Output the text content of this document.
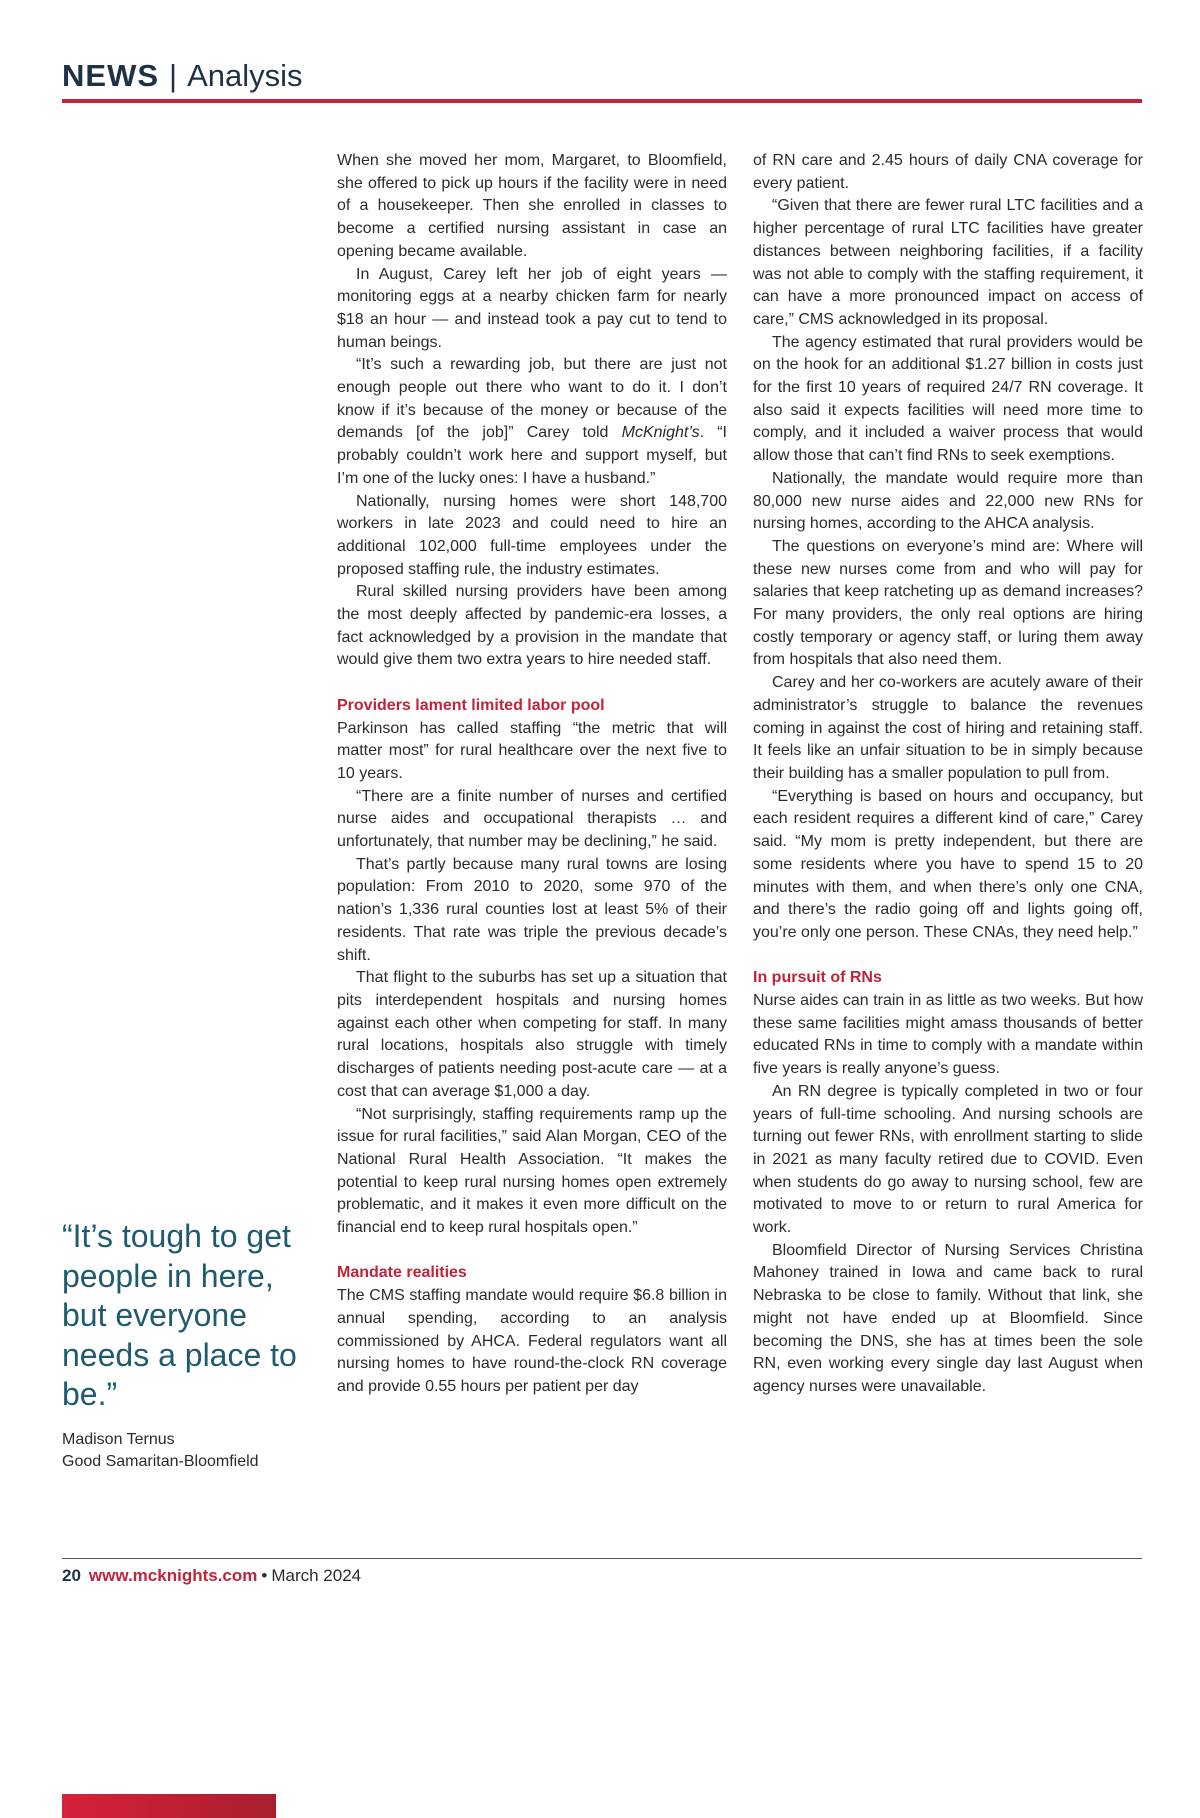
NEWS | Analysis

When she moved her mom, Margaret, to Bloomfield, she offered to pick up hours if the facility were in need of a housekeeper. Then she enrolled in classes to become a certified nursing assistant in case an opening became available.

In August, Carey left her job of eight years — monitoring eggs at a nearby chicken farm for nearly $18 an hour — and instead took a pay cut to tend to human beings.

“It’s such a rewarding job, but there are just not enough people out there who want to do it. I don’t know if it’s because of the money or because of the demands [of the job]” Carey told McKnight’s. “I probably couldn’t work here and support myself, but I’m one of the lucky ones: I have a husband.”

Nationally, nursing homes were short 148,700 workers in late 2023 and could need to hire an additional 102,000 full-time employees under the proposed staffing rule, the industry estimates.

Rural skilled nursing providers have been among the most deeply affected by pandemic-era losses, a fact acknowledged by a provision in the mandate that would give them two extra years to hire needed staff.

Providers lament limited labor pool

Parkinson has called staffing “the metric that will matter most” for rural healthcare over the next five to 10 years.

“There are a finite number of nurses and certified nurse aides and occupational therapists … and unfortunately, that number may be declining,” he said.

That’s partly because many rural towns are losing population: From 2010 to 2020, some 970 of the nation’s 1,336 rural counties lost at least 5% of their residents. That rate was triple the previous decade’s shift.

That flight to the suburbs has set up a situation that pits interdependent hospitals and nursing homes against each other when competing for staff. In many rural locations, hospitals also struggle with timely discharges of patients needing post-acute care — at a cost that can average $1,000 a day.

“Not surprisingly, staffing requirements ramp up the issue for rural facilities,” said Alan Morgan, CEO of the National Rural Health Association. “It makes the potential to keep rural nursing homes open extremely problematic, and it makes it even more difficult on the financial end to keep rural hospitals open.”

Mandate realities

The CMS staffing mandate would require $6.8 billion in annual spending, according to an analysis commissioned by AHCA. Federal regulators want all nursing homes to have round-the-clock RN coverage and provide 0.55 hours per patient per day

of RN care and 2.45 hours of daily CNA coverage for every patient.

“Given that there are fewer rural LTC facilities and a higher percentage of rural LTC facilities have greater distances between neighboring facilities, if a facility was not able to comply with the staffing requirement, it can have a more pronounced impact on access of care,” CMS acknowledged in its proposal.

The agency estimated that rural providers would be on the hook for an additional $1.27 billion in costs just for the first 10 years of required 24/7 RN coverage. It also said it expects facilities will need more time to comply, and it included a waiver process that would allow those that can’t find RNs to seek exemptions.

Nationally, the mandate would require more than 80,000 new nurse aides and 22,000 new RNs for nursing homes, according to the AHCA analysis.

The questions on everyone’s mind are: Where will these new nurses come from and who will pay for salaries that keep ratcheting up as demand increases? For many providers, the only real options are hiring costly temporary or agency staff, or luring them away from hospitals that also need them.

Carey and her co-workers are acutely aware of their administrator’s struggle to balance the revenues coming in against the cost of hiring and retaining staff. It feels like an unfair situation to be in simply because their building has a smaller population to pull from.

“Everything is based on hours and occupancy, but each resident requires a different kind of care,” Carey said. “My mom is pretty independent, but there are some residents where you have to spend 15 to 20 minutes with them, and when there’s only one CNA, and there’s the radio going off and lights going off, you’re only one person. These CNAs, they need help.”

In pursuit of RNs

Nurse aides can train in as little as two weeks. But how these same facilities might amass thousands of better educated RNs in time to comply with a mandate within five years is really anyone’s guess.

An RN degree is typically completed in two or four years of full-time schooling. And nursing schools are turning out fewer RNs, with enrollment starting to slide in 2021 as many faculty retired due to COVID. Even when students do go away to nursing school, few are motivated to move to or return to rural America for work.

Bloomfield Director of Nursing Services Christina Mahoney trained in Iowa and came back to rural Nebraska to be close to family. Without that link, she might not have ended up at Bloomfield. Since becoming the DNS, she has at times been the sole RN, even working every single day last August when agency nurses were unavailable.

“It’s tough to get people in here, but everyone needs a place to be.”

Madison Ternus
Good Samaritan-Bloomfield
20 www.mcknights.com • March 2024
